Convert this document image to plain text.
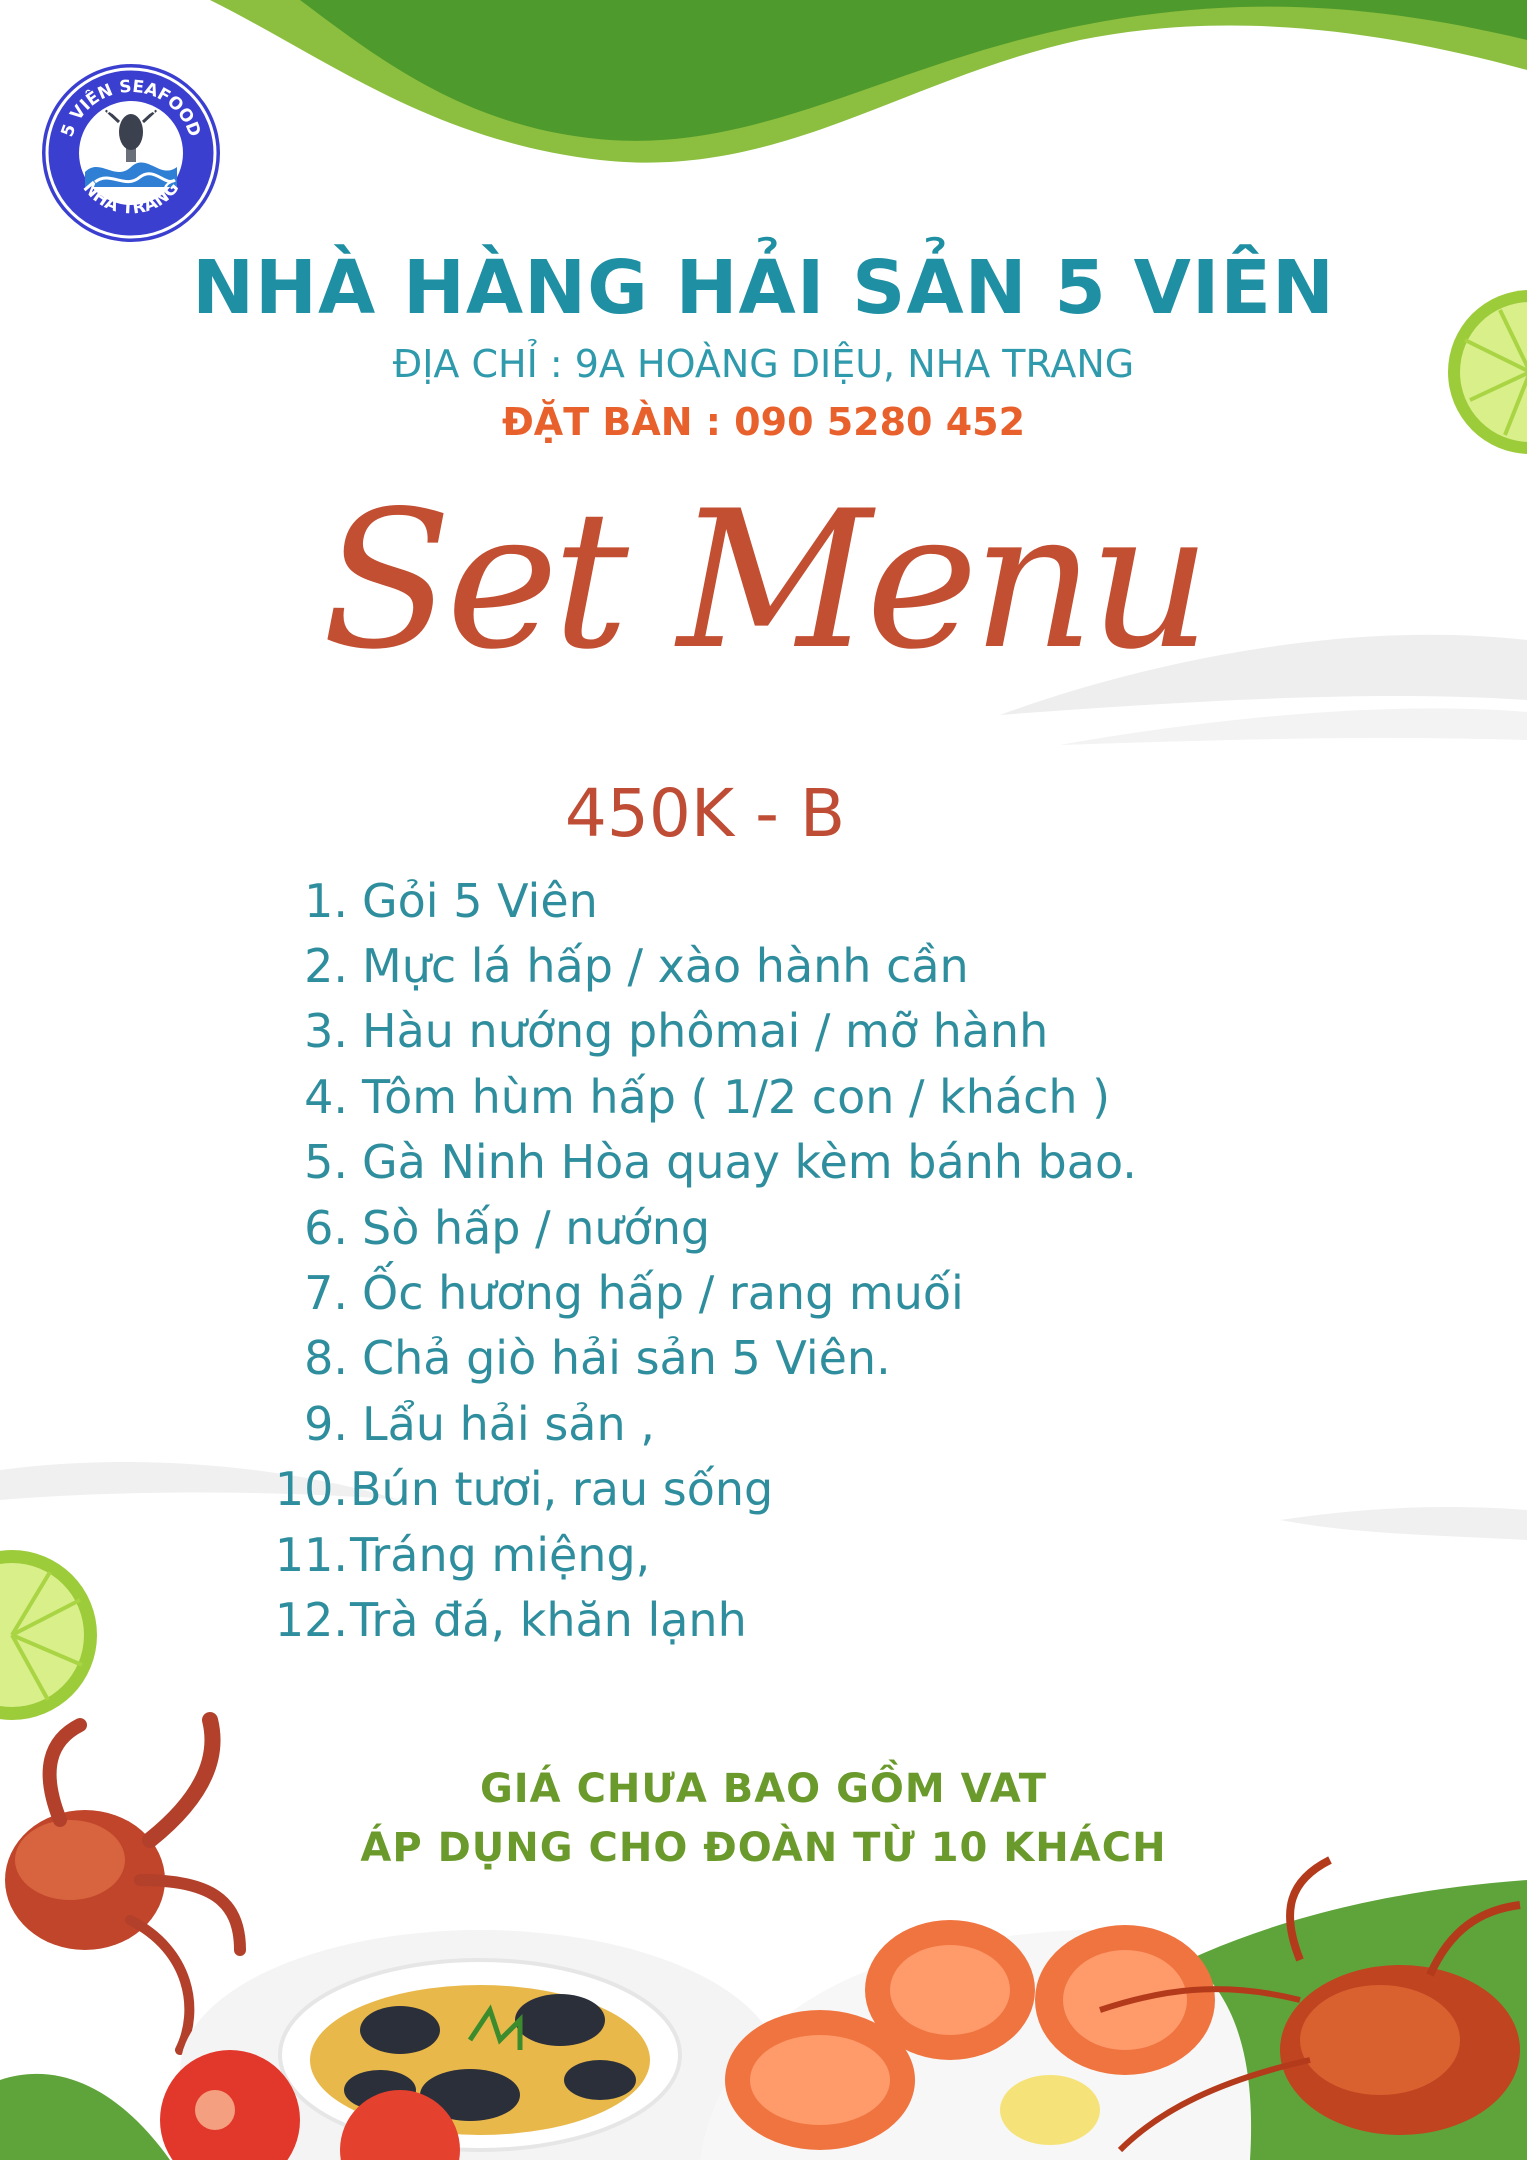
5 VIÊN SEAFOOD
NHA TRANG
★★★★★
NHÀ HÀNG HẢI SẢN 5 VIÊN
ĐỊA CHỈ : 9A HOÀNG DIỆU, NHA TRANG
ĐẶT BÀN : 090 5280 452
Set Menu
450K - B
1. Gỏi 5 Viên
2. Mực lá hấp / xào hành cần
3. Hàu nướng phômai / mỡ hành
4. Tôm hùm hấp ( 1/2 con / khách )
5. Gà Ninh Hòa quay kèm bánh bao.
6. Sò hấp / nướng
7. Ốc hương hấp / rang muối
8. Chả giò hải sản 5 Viên.
9. Lẩu hải sản ,
10. Bún tươi, rau sống
11. Tráng miệng,
12. Trà đá, khăn lạnh
GIÁ CHƯA BAO GỒM VAT
ÁP DỤNG CHO ĐOÀN TỪ 10 KHÁCH
